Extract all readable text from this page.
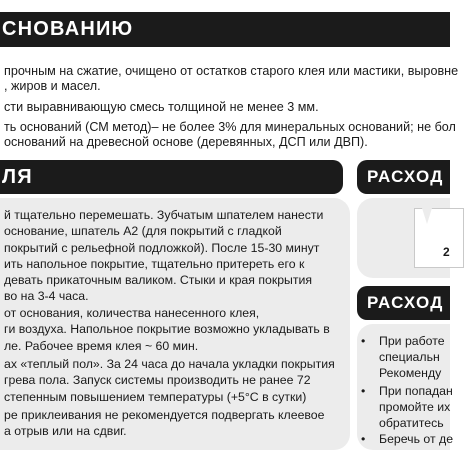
СНОВАНИЮ
прочным на сжатие, очищено от остатков старого клея или мастики, выровне
, жиров и масел.
сти выравнивающую смесь толщиной не менее 3 мм.
ть оснований (СМ метод)– не более 3% для минеральных оснований; не бол
оснований на древесной основе (деревянных, ДСП или ДВП).
ЛЯ
й тщательно перемешать. Зубчатым шпателем нанести
основание, шпатель А2 (для покрытий с гладкой
покрытий с рельефной подложкой). После 15-30 минут
ить напольное покрытие, тщательно притереть его к
девать прикаточным валиком. Стыки и края покрытия
во на 3-4 часа.
от основания, количества нанесенного клея,
ги воздуха. Напольное покрытие возможно укладывать в
ле. Рабочее время клея ~ 60 мин.
ах «теплый пол». За 24 часа до начала укладки покрытия
грева пола. Запуск системы производить не ранее 72
степенным повышением температуры (+5°С в сутки)
ре приклеивания не рекомендуется подвергать клеевое
а отрыв или на сдвиг.
РАСХОД К
2
РАСХОД К
• При работе
специальн
Рекоменду
• При попадан
промойте их
обратитесь
• Беречь от де
